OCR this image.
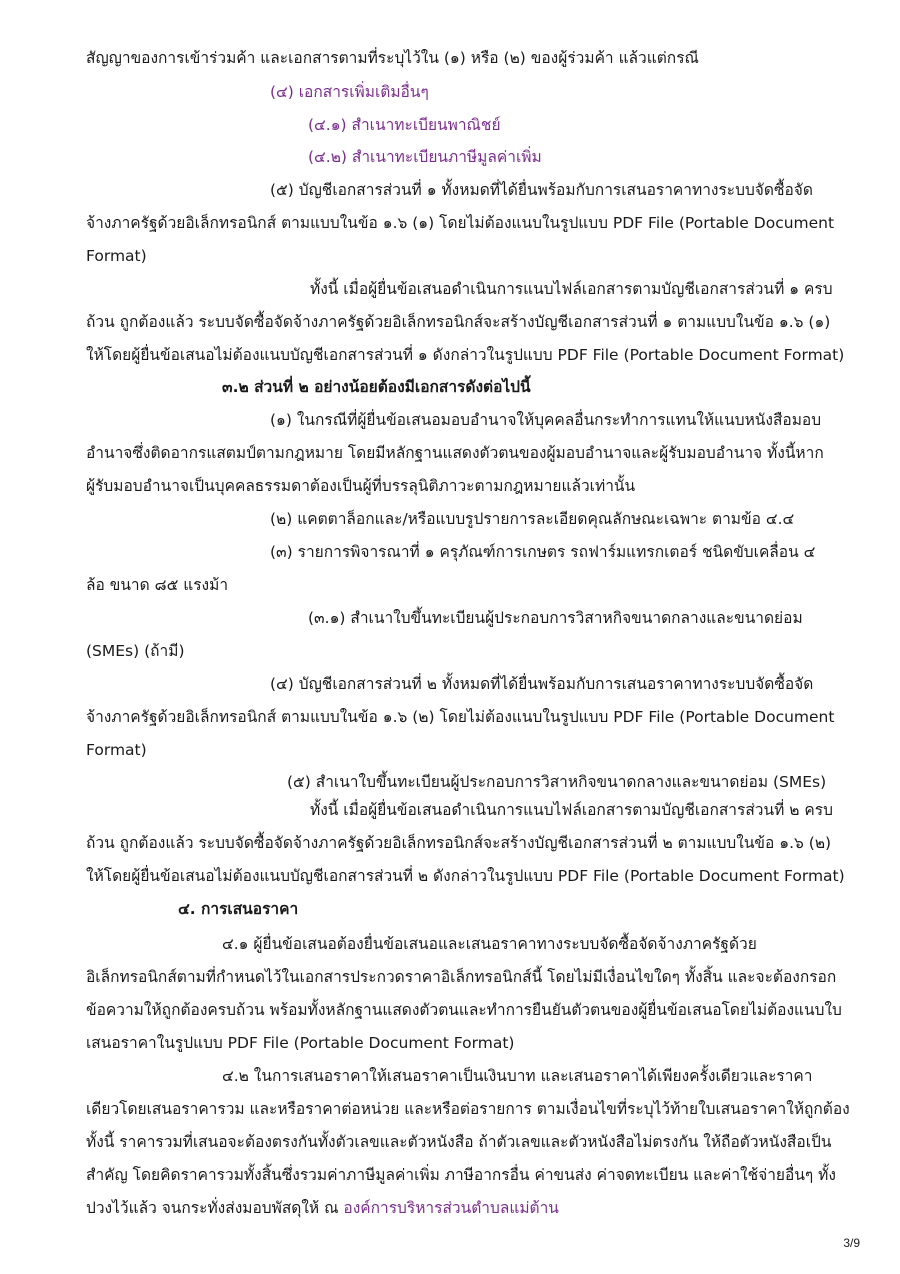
สัญญาของการเข้าร่วมค้า และเอกสารตามที่ระบุไว้ใน (๑) หรือ (๒) ของผู้ร่วมค้า แล้วแต่กรณี

(๔) เอกสารเพิ่มเติมอื่นๆ

(๔.๑) สำเนาทะเบียนพาณิชย์

(๔.๒) สำเนาทะเบียนภาษีมูลค่าเพิ่ม

(๕) บัญชีเอกสารส่วนที่ ๑ ทั้งหมดที่ได้ยื่นพร้อมกับการเสนอราคาทางระบบจัดซื้อจัด

จ้างภาครัฐด้วยอิเล็กทรอนิกส์ ตามแบบในข้อ ๑.๖ (๑) โดยไม่ต้องแนบในรูปแบบ PDF File (Portable Document

Format)

ทั้งนี้ เมื่อผู้ยื่นข้อเสนอดำเนินการแนบไฟล์เอกสารตามบัญชีเอกสารส่วนที่ ๑ ครบ

ถ้วน ถูกต้องแล้ว ระบบจัดซื้อจัดจ้างภาครัฐด้วยอิเล็กทรอนิกส์จะสร้างบัญชีเอกสารส่วนที่ ๑ ตามแบบในข้อ ๑.๖ (๑)

ให้โดยผู้ยื่นข้อเสนอไม่ต้องแนบบัญชีเอกสารส่วนที่ ๑ ดังกล่าวในรูปแบบ PDF File (Portable Document Format)

๓.๒ ส่วนที่ ๒ อย่างน้อยต้องมีเอกสารดังต่อไปนี้

(๑) ในกรณีที่ผู้ยื่นข้อเสนอมอบอำนาจให้บุคคลอื่นกระทำการแทนให้แนบหนังสือมอบ

อำนาจซึ่งติดอากรแสตมป์ตามกฎหมาย โดยมีหลักฐานแสดงตัวตนของผู้มอบอำนาจและผู้รับมอบอำนาจ ทั้งนี้หาก

ผู้รับมอบอำนาจเป็นบุคคลธรรมดาต้องเป็นผู้ที่บรรลุนิติภาวะตามกฎหมายแล้วเท่านั้น

(๒) แคตตาล็อกและ/หรือแบบรูปรายการละเอียดคุณลักษณะเฉพาะ ตามข้อ ๔.๔

(๓) รายการพิจารณาที่ ๑ ครุภัณฑ์การเกษตร รถฟาร์มแทรกเตอร์ ชนิดขับเคลื่อน ๔

ล้อ ขนาด ๘๕ แรงม้า

(๓.๑) สำเนาใบขึ้นทะเบียนผู้ประกอบการวิสาหกิจขนาดกลางและขนาดย่อม

(SMEs) (ถ้ามี)

(๔) บัญชีเอกสารส่วนที่ ๒ ทั้งหมดที่ได้ยื่นพร้อมกับการเสนอราคาทางระบบจัดซื้อจัด

จ้างภาครัฐด้วยอิเล็กทรอนิกส์ ตามแบบในข้อ ๑.๖ (๒) โดยไม่ต้องแนบในรูปแบบ PDF File (Portable Document

Format)

(๕) สำเนาใบขึ้นทะเบียนผู้ประกอบการวิสาหกิจขนาดกลางและขนาดย่อม (SMEs)

ทั้งนี้ เมื่อผู้ยื่นข้อเสนอดำเนินการแนบไฟล์เอกสารตามบัญชีเอกสารส่วนที่ ๒ ครบ

ถ้วน ถูกต้องแล้ว ระบบจัดซื้อจัดจ้างภาครัฐด้วยอิเล็กทรอนิกส์จะสร้างบัญชีเอกสารส่วนที่ ๒ ตามแบบในข้อ ๑.๖ (๒)

ให้โดยผู้ยื่นข้อเสนอไม่ต้องแนบบัญชีเอกสารส่วนที่ ๒ ดังกล่าวในรูปแบบ PDF File (Portable Document Format)

๔. การเสนอราคา

๔.๑ ผู้ยื่นข้อเสนอต้องยื่นข้อเสนอและเสนอราคาทางระบบจัดซื้อจัดจ้างภาครัฐด้วย

อิเล็กทรอนิกส์ตามที่กำหนดไว้ในเอกสารประกวดราคาอิเล็กทรอนิกส์นี้ โดยไม่มีเงื่อนไขใดๆ ทั้งสิ้น และจะต้องกรอก

ข้อความให้ถูกต้องครบถ้วน พร้อมทั้งหลักฐานแสดงตัวตนและทำการยืนยันตัวตนของผู้ยื่นข้อเสนอโดยไม่ต้องแนบใบ

เสนอราคาในรูปแบบ PDF File (Portable Document Format)

๔.๒ ในการเสนอราคาให้เสนอราคาเป็นเงินบาท และเสนอราคาได้เพียงครั้งเดียวและราคา

เดียวโดยเสนอราคารวม และหรือราคาต่อหน่วย และหรือต่อรายการ ตามเงื่อนไขที่ระบุไว้ท้ายใบเสนอราคาให้ถูกต้อง

ทั้งนี้ ราคารวมที่เสนอจะต้องตรงกันทั้งตัวเลขและตัวหนังสือ ถ้าตัวเลขและตัวหนังสือไม่ตรงกัน ให้ถือตัวหนังสือเป็น

สำคัญ โดยคิดราคารวมทั้งสิ้นซึ่งรวมค่าภาษีมูลค่าเพิ่ม ภาษีอากรอื่น ค่าขนส่ง ค่าจดทะเบียน และค่าใช้จ่ายอื่นๆ ทั้ง

ปวงไว้แล้ว จนกระทั่งส่งมอบพัสดุให้ ณ องค์การบริหารส่วนตำบลแม่ต้าน

3/9
